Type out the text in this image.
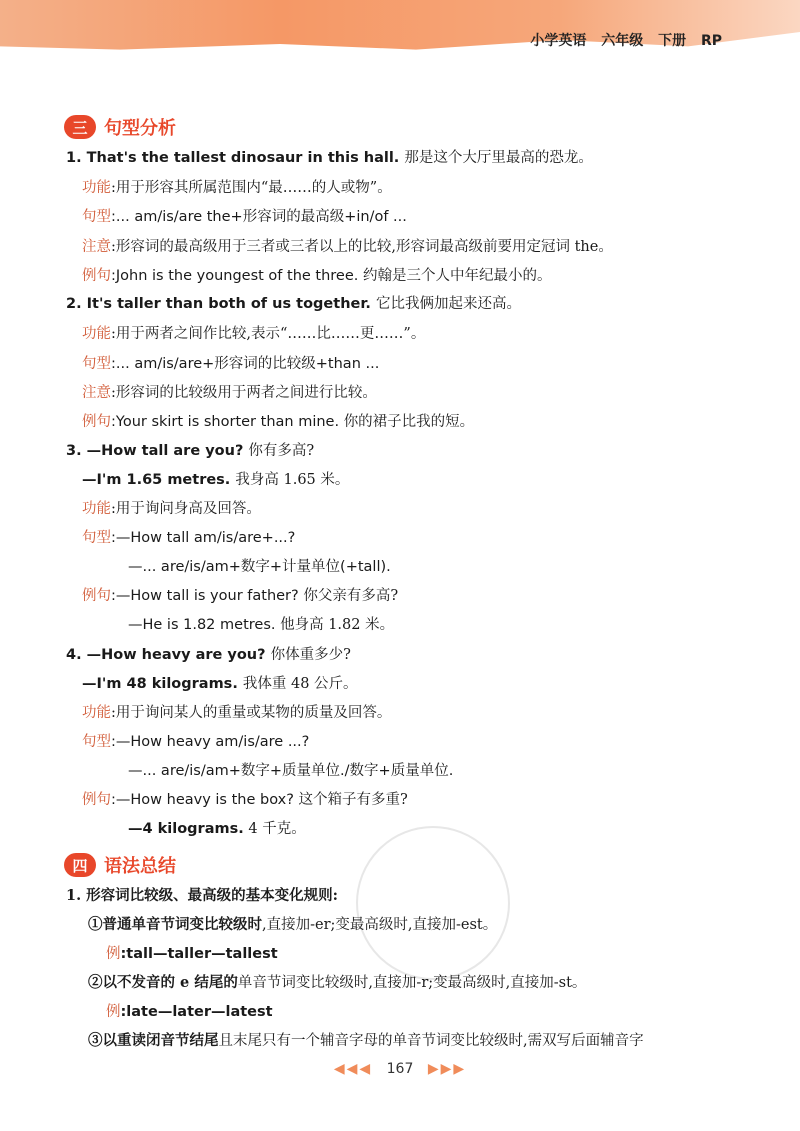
小学英语 六年级 下册 RP
三 句型分析
1. That's the tallest dinosaur in this hall. 那是这个大厅里最高的恐龙。
功能:用于形容其所属范围内“最……的人或物”。
句型:... am/is/are the+形容词的最高级+in/of ...
注意:形容词的最高级用于三者或三者以上的比较,形容词最高级前要用定冠词 the。
例句:John is the youngest of the three. 约翰是三个人中年纪最小的。
2. It's taller than both of us together. 它比我俩加起来还高。
功能:用于两者之间作比较,表示“……比……更……”。
句型:... am/is/are+形容词的比较级+than ...
注意:形容词的比较级用于两者之间进行比较。
例句:Your skirt is shorter than mine. 你的裙子比我的短。
3. —How tall are you? 你有多高?
—I'm 1.65 metres. 我身高 1.65 米。
功能:用于询问身高及回答。
句型:—How tall am/is/are+...?
—... are/is/am+数字+计量单位(+tall).
例句:—How tall is your father? 你父亲有多高?
—He is 1.82 metres. 他身高 1.82 米。
4. —How heavy are you? 你体重多少?
—I'm 48 kilograms. 我体重 48 公斤。
功能:用于询问某人的重量或某物的质量及回答。
句型:—How heavy am/is/are ...?
—... are/is/am+数字+质量单位./数字+质量单位.
例句:—How heavy is the box? 这个箱子有多重?
—4 kilograms. 4 千克。
四 语法总结
1. 形容词比较级、最高级的基本变化规则:
①普通单音节词变比较级时,直接加-er;变最高级时,直接加-est。
例:tall—taller—tallest
②以不发音的 e 结尾的单音节词变比较级时,直接加-r;变最高级时,直接加-st。
例:late—later—latest
③以重读闭音节结尾且末尾只有一个辅音字母的单音节词变比较级时,需双写后面辅音字
◀◀◀ 167 ▶▶▶
